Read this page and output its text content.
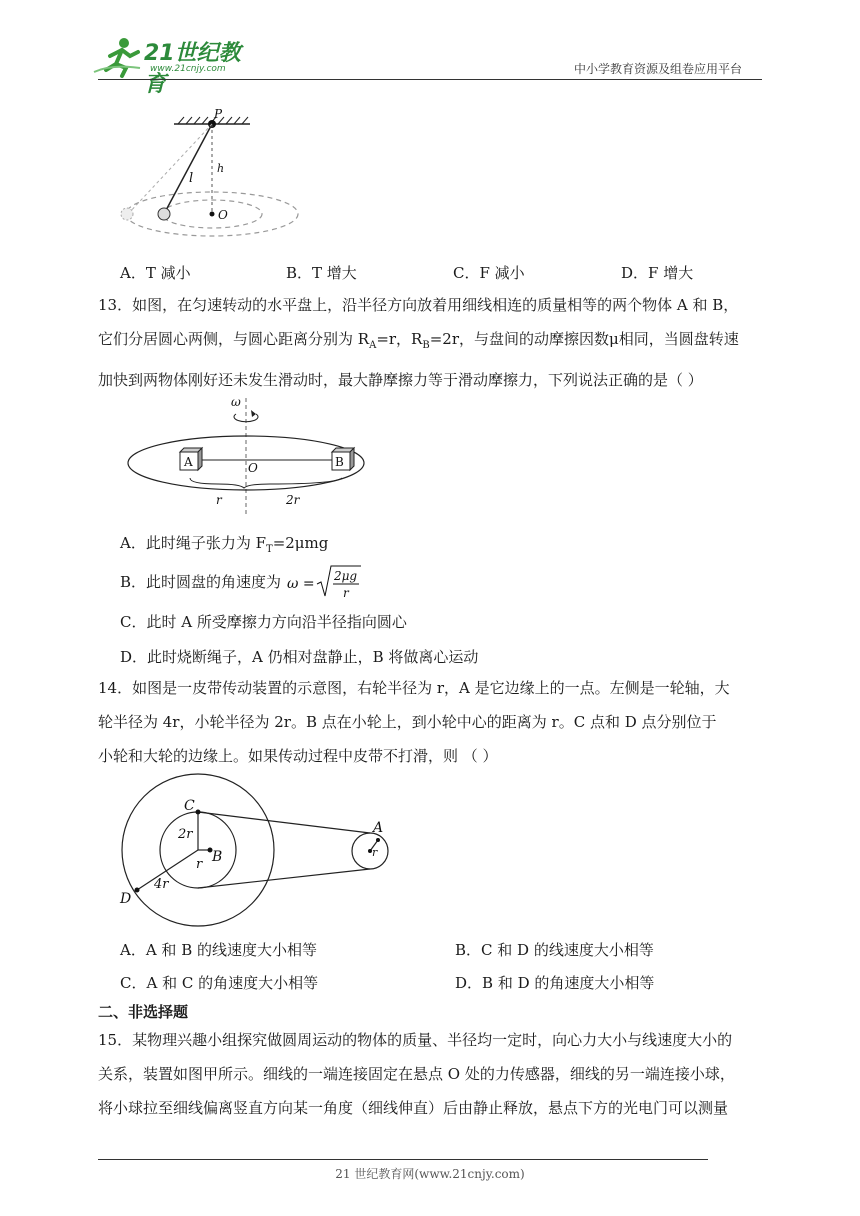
21世纪教育
www.21cnjy.com	中小学教育资源及组卷应用平台
P
h
l
O
A．T 减小	B．T 增大	C．F 减小	D．F 增大
13．如图，在匀速转动的水平盘上，沿半径方向放着用细线相连的质量相等的两个物体 A 和 B，
它们分居圆心两侧，与圆心距离分别为 $R_A=r$，$R_B=2r$，与盘间的动摩擦因数μ相同，当圆盘转速
加快到两物体刚好还未发生滑动时，最大静摩擦力等于滑动摩擦力，下列说法正确的是（ ）
ω
A	B
O
r	2r
A．此时绳子张力为 $F_T=2\mu mg$
B．此时圆盘的角速度为 ω = 2μg
r
C．此时 A 所受摩擦力方向沿半径指向圆心
D．此时烧断绳子，A 仍相对盘静止，B 将做离心运动
14．如图是一皮带传动装置的示意图，右轮半径为 r，A 是它边缘上的一点。左侧是一轮轴，大
轮半径为 4r，小轮半径为 2r。B 点在小轮上，到小轮中心的距离为 r。C 点和 D 点分别位于
小轮和大轮的边缘上。如果传动过程中皮带不打滑，则 （ ）
C
2r
B
r
4r
D
A
r
A．A 和 B 的线速度大小相等	B．C 和 D 的线速度大小相等
C．A 和 C 的角速度大小相等	D．B 和 D 的角速度大小相等
二、非选择题
15．某物理兴趣小组探究做圆周运动的物体的质量、半径均一定时，向心力大小与线速度大小的
关系，装置如图甲所示。细线的一端连接固定在悬点 O 处的力传感器，细线的另一端连接小球，
将小球拉至细线偏离竖直方向某一角度（细线伸直）后由静止释放，悬点下方的光电门可以测量
21 世纪教育网(www.21cnjy.com)
